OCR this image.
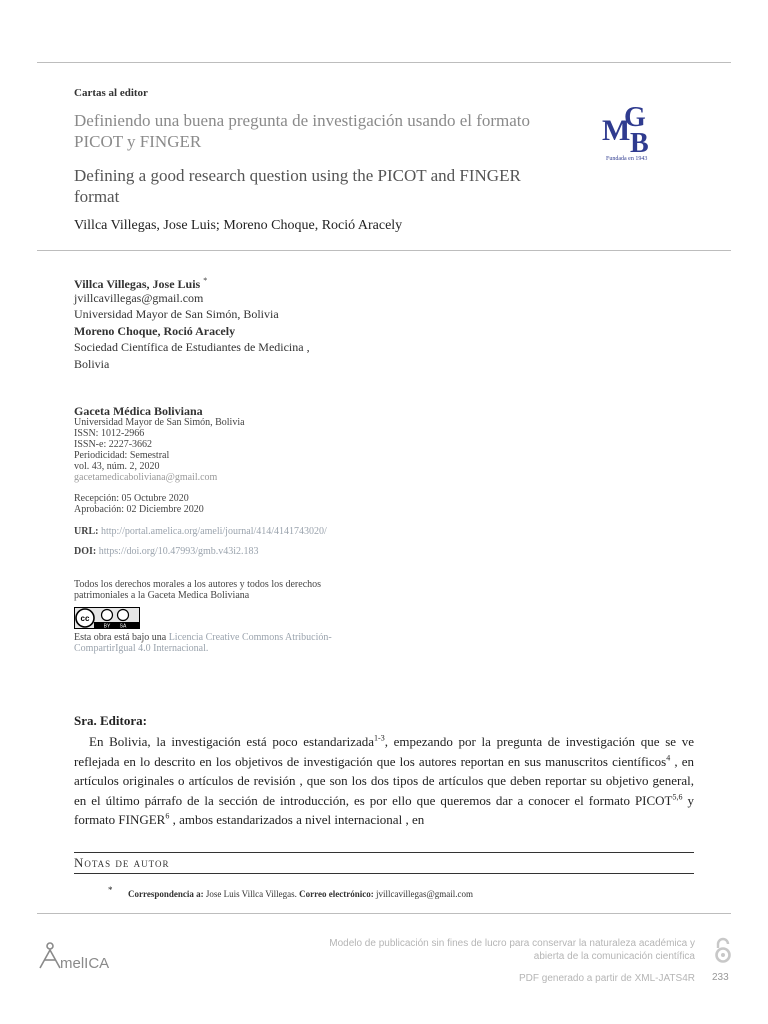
Cartas al editor
Definiendo una buena pregunta de investigación usando el formato PICOT y FINGER
Defining a good research question using the PICOT and FINGER format
Villca Villegas, Jose Luis; Moreno Choque, Roció Aracely
M
G
B
Fundada en 1943
Villca Villegas, Jose Luis *
jvillcavillegas@gmail.com
Universidad Mayor de San Simón, Bolivia
Moreno Choque, Roció Aracely
Sociedad Científica de Estudiantes de Medicina ,
Bolivia
Gaceta Médica Boliviana
Universidad Mayor de San Simón, Bolivia
ISSN: 1012-2966
ISSN-e: 2227-3662
Periodicidad: Semestral
vol. 43, núm. 2, 2020
gacetamedicaboliviana@gmail.com
Recepción: 05 Octubre 2020
Aprobación: 02 Diciembre 2020
URL: http://portal.amelica.org/ameli/journal/414/4141743020/
DOI: https://doi.org/10.47993/gmb.v43i2.183
Todos los derechos morales a los autores y todos los derechos patrimoniales a la Gaceta Medica Boliviana
cc
BY SA
Esta obra está bajo una Licencia Creative Commons Atribución-CompartirIgual 4.0 Internacional.
Sra. Editora:

En Bolivia, la investigación está poco estandarizada$^{1-3}$, empezando por la pregunta de investigación que se ve reflejada en lo descrito en los objetivos de investigación que los autores reportan en sus manuscritos científicos$^4$ , en artículos originales o artículos de revisión , que son los dos tipos de artículos que deben reportar su objetivo general, en el último párrafo de la sección de introducción, es por ello que queremos dar a conocer el formato PICOT$^{5,6}$ y formato FINGER$^6$ , ambos estandarizados a nivel internacional , en

Notas de autor
* Correspondencia a: Jose Luis Villca Villegas. Correo electrónico: jvillcavillegas@gmail.com
melICA
Modelo de publicación sin fines de lucro para conservar la naturaleza académica y
abierta de la comunicación científica
PDF generado a partir de XML-JATS4R 233
